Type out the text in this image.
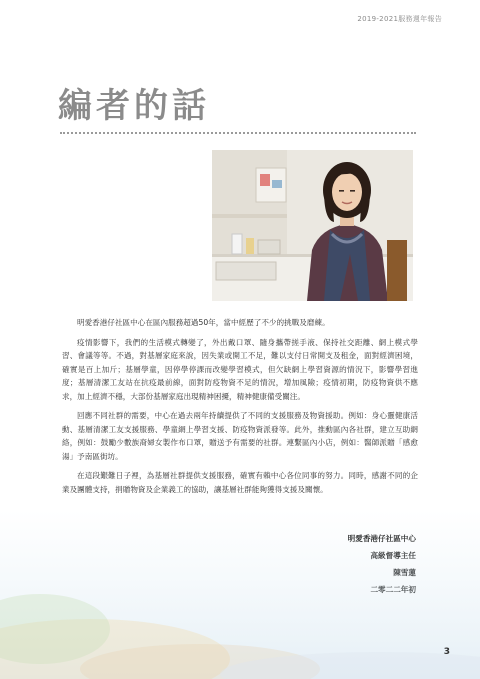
2019-2021服務週年報告
編者的話

明愛香港仔社區中心在區內服務超過50年，當中經歷了不少的挑戰及磨練。

疫情影響下，我們的生活模式轉變了，外出戴口罩、隨身攜帶搓手液、保持社交距離、網上模式學習、會議等等。不過，對基層家庭來說，因失業或開工不足，難以支付日常開支及租金，面對經濟困境，確實是百上加斤；基層學童，因停學停課而改變學習模式，但欠缺網上學習資源的情況下，影響學習進度；基層清潔工友站在抗疫最前線，面對防疫物資不足的情況，增加風險；疫情初期，防疫物資供不應求，加上經濟不穩，大部份基層家庭出現精神困擾，精神健康備受關注。

回應不同社群的需要，中心在過去兩年持續提供了不同的支援服務及物資援助。例如：身心靈健康活動、基層清潔工友支援服務、學童網上學習支援、防疫物資派發等。此外，推動區內各社群，建立互助網絡，例如：鼓勵少數族裔婦女製作布口罩，贈送予有需要的社群。連繫區內小店，例如：醫師派贈「感愈湯」予南區街坊。

在這段艱難日子裡，為基層社群提供支援服務，確實有賴中心各位同事的努力。同時，感謝不同的企業及團體支持，捐贈物資及企業義工的協助，讓基層社群能夠獲得支援及關懷。

3
